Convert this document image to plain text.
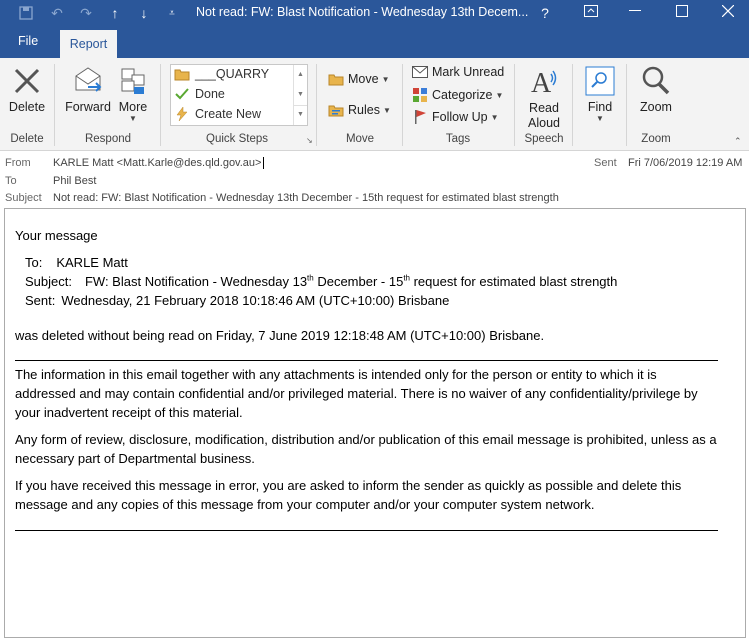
↶	↷	↑	↓	⩡	Not read: FW: Blast Notification - Wednesday 13th Decem... ?
File	Report
Delete
Delete
Forward More
▼
Respond	Quick Steps	↘
Move ▼
Rules ▼
Move
Mark Unread
Categorize ▼
Follow Up ▼
Tags
A
Read
Aloud
Speech
Find
▼
Zoom
Zoom	⌃
___QUARRY
Done
Create New
▲
▼
▼
From KARLE Matt <Matt.Karle@des.qld.gov.au>
To	Phil Best
Subject Not read: FW: Blast Notification - Wednesday 13th December - 15th request for estimated blast strength
Sent Fri 7/06/2019 12:19 AM
Your message
To: KARLE Matt
Subject: FW: Blast Notification - Wednesday 13th December - 15th request for estimated blast strength
Sent: Wednesday, 21 February 2018 10:18:46 AM (UTC+10:00) Brisbane
was deleted without being read on Friday, 7 June 2019 12:18:48 AM (UTC+10:00) Brisbane.
The information in this email together with any attachments is intended only for the person or entity to which it is addressed and may contain confidential and/or privileged material. There is no waiver of any confidentiality/privilege by your inadvertent receipt of this material.
Any form of review, disclosure, modification, distribution and/or publication of this email message is prohibited, unless as a necessary part of Departmental business.
If you have received this message in error, you are asked to inform the sender as quickly as possible and delete this message and any copies of this message from your computer and/or your computer system network.
